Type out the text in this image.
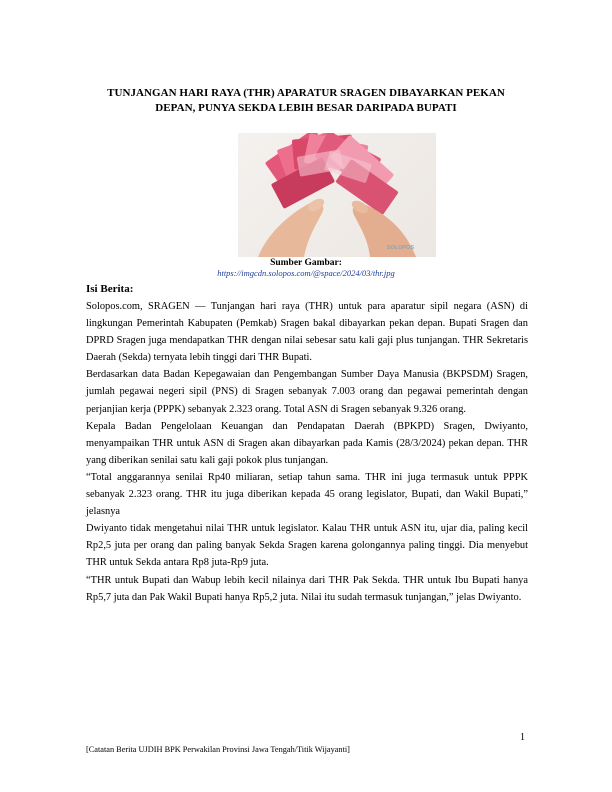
TUNJANGAN HARI RAYA (THR) APARATUR SRAGEN DIBAYARKAN PEKAN
DEPAN, PUNYA SEKDA LEBIH BESAR DARIPADA BUPATI
SOLOPOS
Sumber Gambar:
https://imgcdn.solopos.com/@space/2024/03/thr.jpg
Isi Berita:

Solopos.com, SRAGEN — Tunjangan hari raya (THR) untuk para aparatur sipil negara (ASN) di lingkungan Pemerintah Kabupaten (Pemkab) Sragen bakal dibayarkan pekan depan. Bupati Sragen dan DPRD Sragen juga mendapatkan THR dengan nilai sebesar satu kali gaji plus tunjangan. THR Sekretaris Daerah (Sekda) ternyata lebih tinggi dari THR Bupati.

Berdasarkan data Badan Kepegawaian dan Pengembangan Sumber Daya Manusia (BKPSDM) Sragen, jumlah pegawai negeri sipil (PNS) di Sragen sebanyak 7.003 orang dan pegawai pemerintah dengan perjanjian kerja (PPPK) sebanyak 2.323 orang. Total ASN di Sragen sebanyak 9.326 orang.

Kepala Badan Pengelolaan Keuangan dan Pendapatan Daerah (BPKPD) Sragen, Dwiyanto, menyampaikan THR untuk ASN di Sragen akan dibayarkan pada Kamis (28/3/2024) pekan depan. THR yang diberikan senilai satu kali gaji pokok plus tunjangan.

“Total anggarannya senilai Rp40 miliaran, setiap tahun sama. THR ini juga termasuk untuk PPPK sebanyak 2.323 orang. THR itu juga diberikan kepada 45 orang legislator, Bupati, dan Wakil Bupati,” jelasnya

Dwiyanto tidak mengetahui nilai THR untuk legislator. Kalau THR untuk ASN itu, ujar dia, paling kecil Rp2,5 juta per orang dan paling banyak Sekda Sragen karena golongannya paling tinggi. Dia menyebut THR untuk Sekda antara Rp8 juta-Rp9 juta.

“THR untuk Bupati dan Wabup lebih kecil nilainya dari THR Pak Sekda. THR untuk Ibu Bupati hanya Rp5,7 juta dan Pak Wakil Bupati hanya Rp5,2 juta. Nilai itu sudah termasuk tunjangan,” jelas Dwiyanto.

1
[Catatan Berita UJDIH BPK Perwakilan Provinsi Jawa Tengah/Titik Wijayanti]
